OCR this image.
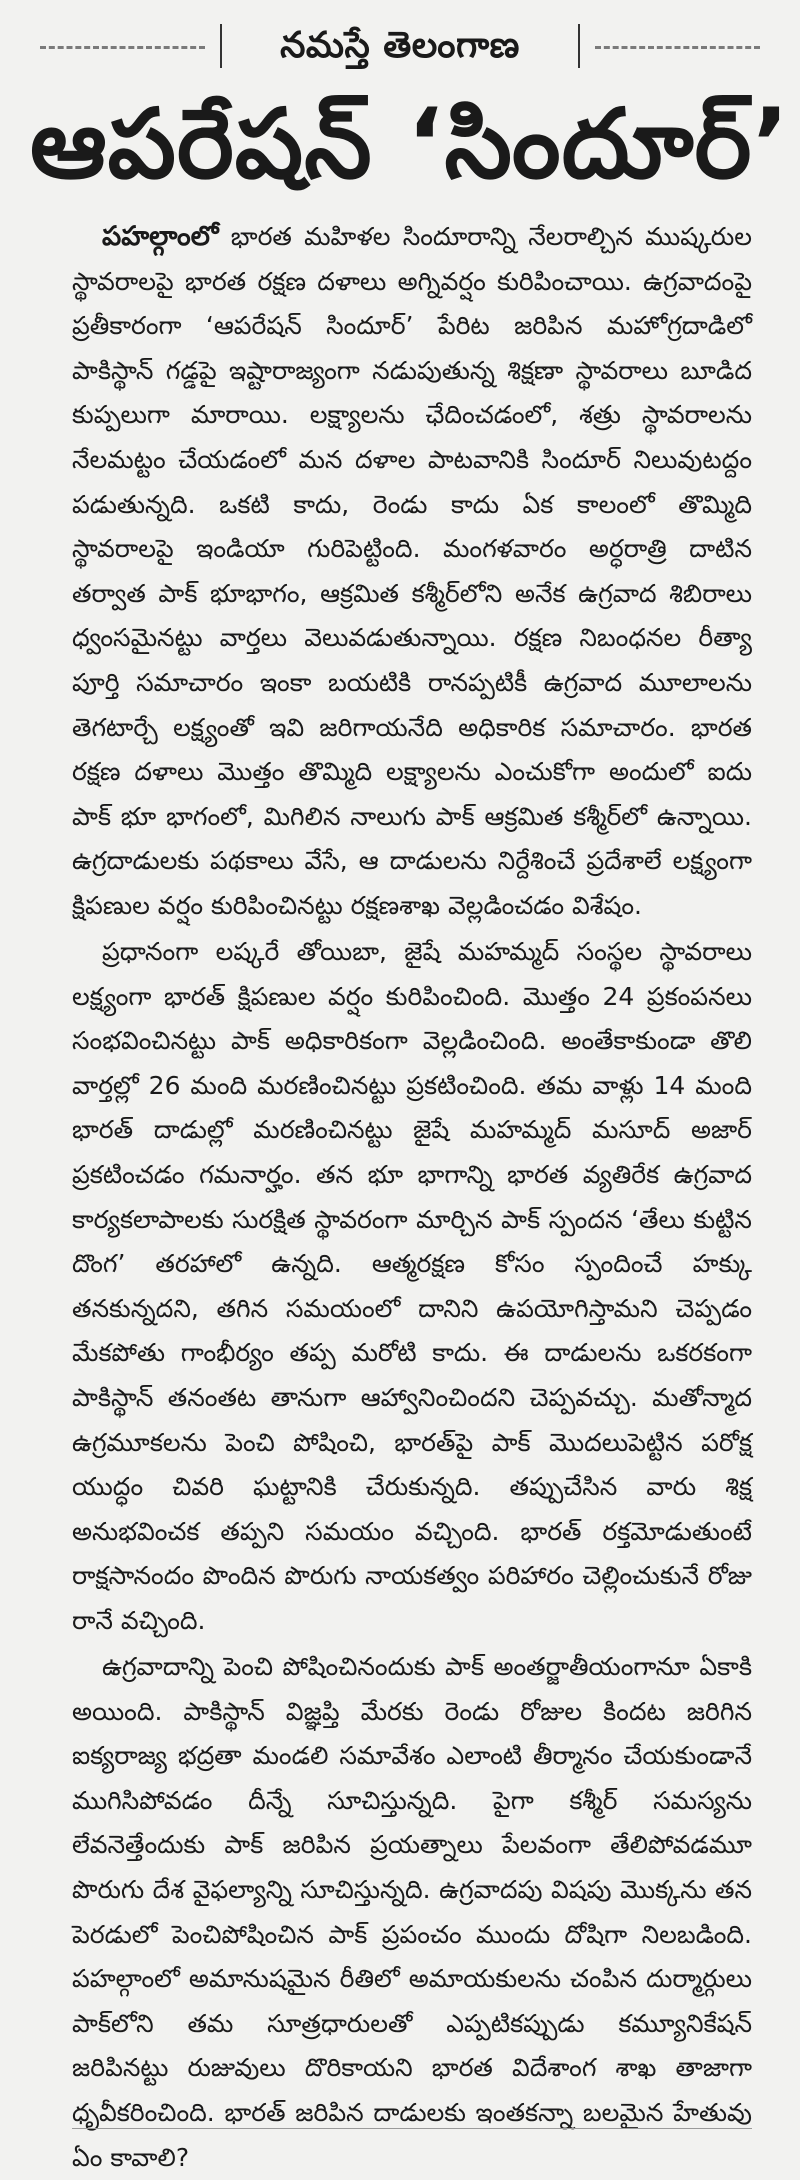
నమస్తే తెలంగాణ
ఆపరేషన్ ‘సిందూర్’

పహల్గాంలో భారత మహిళల సిందూరాన్ని నేలరాల్చిన ముష్కరుల స్థావరాలపై భారత రక్షణ దళాలు అగ్నివర్షం కురిపించాయి. ఉగ్రవాదంపై ప్రతీకారంగా ‘ఆపరేషన్ సిందూర్’ పేరిట జరిపిన మహోగ్రదాడిలో పాకిస్థాన్ గడ్డపై ఇష్టారాజ్యంగా నడుపుతున్న శిక్షణా స్థావరాలు బూడిద కుప్పలుగా మారాయి. లక్ష్యాలను ఛేదించడంలో, శత్రు స్థావరాలను నేలమట్టం చేయడంలో మన దళాల పాటవానికి సిందూర్ నిలువుటద్దం పడుతున్నది. ఒకటి కాదు, రెండు కాదు ఏక కాలంలో తొమ్మిది స్థావరాలపై ఇండియా గురిపెట్టింది. మంగళవారం అర్ధరాత్రి దాటిన తర్వాత పాక్ భూభాగం, ఆక్రమిత కశ్మీర్‌లోని అనేక ఉగ్రవాద శిబిరాలు ధ్వంసమైనట్టు వార్తలు వెలువడుతున్నాయి. రక్షణ నిబంధనల రీత్యా పూర్తి సమాచారం ఇంకా బయటికి రానప్పటికీ ఉగ్రవాద మూలాలను తెగటార్చే లక్ష్యంతో ఇవి జరిగాయనేది అధికారిక సమాచారం. భారత రక్షణ దళాలు మొత్తం తొమ్మిది లక్ష్యాలను ఎంచుకోగా అందులో ఐదు పాక్ భూ భాగంలో, మిగిలిన నాలుగు పాక్ ఆక్రమిత కశ్మీర్‌లో ఉన్నాయి. ఉగ్రదాడులకు పథకాలు వేసే, ఆ దాడులను నిర్దేశించే ప్రదేశాలే లక్ష్యంగా క్షిపణుల వర్షం కురిపించినట్టు రక్షణశాఖ వెల్లడించడం విశేషం.

ప్రధానంగా లష్కరే తోయిబా, జైషే మహమ్మద్ సంస్థల స్థావరాలు లక్ష్యంగా భారత్ క్షిపణుల వర్షం కురిపించింది. మొత్తం 24 ప్రకంపనలు సంభవించినట్టు పాక్ అధికారికంగా వెల్లడించింది. అంతేకాకుండా తొలి వార్తల్లో 26 మంది మరణించినట్టు ప్రకటించింది. తమ వాళ్లు 14 మంది భారత్ దాడుల్లో మరణించినట్టు జైషే మహమ్మద్ మసూద్ అజార్ ప్రకటించడం గమనార్హం. తన భూ భాగాన్ని భారత వ్యతిరేక ఉగ్రవాద కార్యకలాపాలకు సురక్షిత స్థావరంగా మార్చిన పాక్ స్పందన ‘తేలు కుట్టిన దొంగ’ తరహాలో ఉన్నది. ఆత్మరక్షణ కోసం స్పందించే హక్కు తనకున్నదని, తగిన సమయంలో దానిని ఉపయోగిస్తామని చెప్పడం మేకపోతు గాంభీర్యం తప్ప మరోటి కాదు. ఈ దాడులను ఒకరకంగా పాకిస్థాన్ తనంతట తానుగా ఆహ్వానించిందని చెప్పవచ్చు. మతోన్మాద ఉగ్రమూకలను పెంచి పోషించి, భారత్‌పై పాక్ మొదలుపెట్టిన పరోక్ష యుద్ధం చివరి ఘట్టానికి చేరుకున్నది. తప్పుచేసిన వారు శిక్ష అనుభవించక తప్పని సమయం వచ్చింది. భారత్ రక్తమోడుతుంటే రాక్షసానందం పొందిన పొరుగు నాయకత్వం పరిహారం చెల్లించుకునే రోజు రానే వచ్చింది.

ఉగ్రవాదాన్ని పెంచి పోషించినందుకు పాక్ అంతర్జాతీయంగానూ ఏకాకి అయింది. పాకిస్థాన్ విజ్ఞప్తి మేరకు రెండు రోజుల కిందట జరిగిన ఐక్యరాజ్య భద్రతా మండలి సమావేశం ఎలాంటి తీర్మానం చేయకుండానే ముగిసిపోవడం దీన్నే సూచిస్తున్నది. పైగా కశ్మీర్ సమస్యను లేవనెత్తేందుకు పాక్ జరిపిన ప్రయత్నాలు పేలవంగా తేలిపోవడమూ పొరుగు దేశ వైఫల్యాన్ని సూచిస్తున్నది. ఉగ్రవాదపు విషపు మొక్కను తన పెరడులో పెంచిపోషించిన పాక్ ప్రపంచం ముందు దోషిగా నిలబడింది. పహల్గాంలో అమానుషమైన రీతిలో అమాయకులను చంపిన దుర్మార్గులు పాక్‌లోని తమ సూత్రధారులతో ఎప్పటికప్పుడు కమ్యూనికేషన్ జరిపినట్టు రుజువులు దొరికాయని భారత విదేశాంగ శాఖ తాజాగా ధృవీకరించింది. భారత్ జరిపిన దాడులకు ఇంతకన్నా బలమైన హేతువు ఏం కావాలి?
